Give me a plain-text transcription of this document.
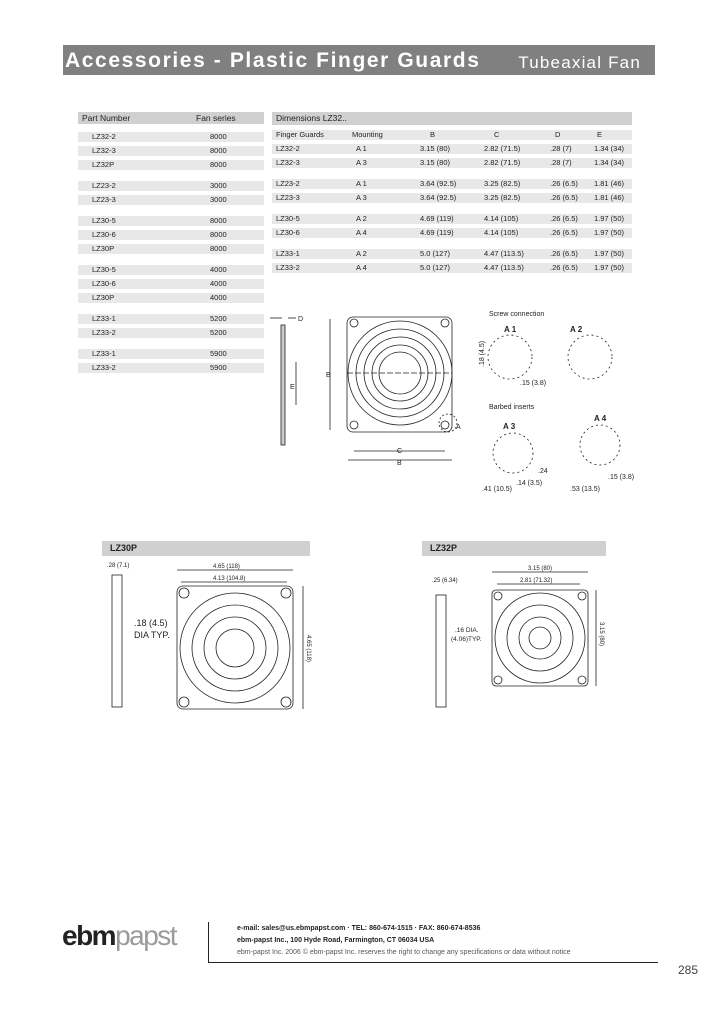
Accessories - Plastic Finger Guards Tubeaxial Fan
Part Number	Fan series
LZ32-2	8000
LZ32-3	8000
LZ32P	8000
LZ23-2	3000
LZ23-3	3000
LZ30-5	8000
LZ30-6	8000
LZ30P	8000
LZ30-5	4000
LZ30-6	4000
LZ30P	4000
LZ33-1	5200
LZ33-2	5200
LZ33-1	5900
LZ33-2	5900
Dimensions LZ32..
Finger Guards	Mounting	B	C	D	E
LZ32-2	A 1	3.15 (80)	2.82 (71.5)	.28 (7)	1.34 (34)
LZ32-3	A 3	3.15 (80)	2.82 (71.5)	.28 (7)	1.34 (34)
LZ23-2	A 1	3.64 (92.5)	3.25 (82.5)	.26 (6.5) 1.81 (46)
LZ23-3	A 3	3.64 (92.5)	3.25 (82.5)	.26 (6.5) 1.81 (46)
LZ30-5	A 2	4.69 (119)	4.14 (105)	.26 (6.5) 1.97 (50)
LZ30-6	A 4	4.69 (119)	4.14 (105)	.26 (6.5) 1.97 (50)
LZ33-1	A 2	5.0 (127)	4.47 (113.5)	.26 (6.5) 1.97 (50)
LZ33-2	A 4	5.0 (127)	4.47 (113.5)	.26 (6.5) 1.97 (50)
D
E
A
B
C
B
Screw connection
A 1
.18 (4.5)
.15 (3.8)
A 2
Barbed inserts
A 3
.24
.41 (10.5)
.14 (3.5)
A 4
.53 (13.5)
.15 (3.8)
LZ30P
.28 (7.1)	4.65 (118)
4.13 (104.8)
.18 (4.5)
DIA TYP.	4.65 (118)
LZ32P
.25 (6.34)
3.15 (80)
2.81 (71.32)
.16 DIA.
(4.06)TYP.	3.15 (80)
ebmpapst	e-mail: sales@us.ebmpapst.com · TEL: 860-674-1515 · FAX: 860-674-8536
ebm-papst Inc., 100 Hyde Road, Farmington, CT 06034 USA
ebm-papst Inc. 2006 © ebm-papst Inc. reserves the right to change any specifications or data without notice
285
